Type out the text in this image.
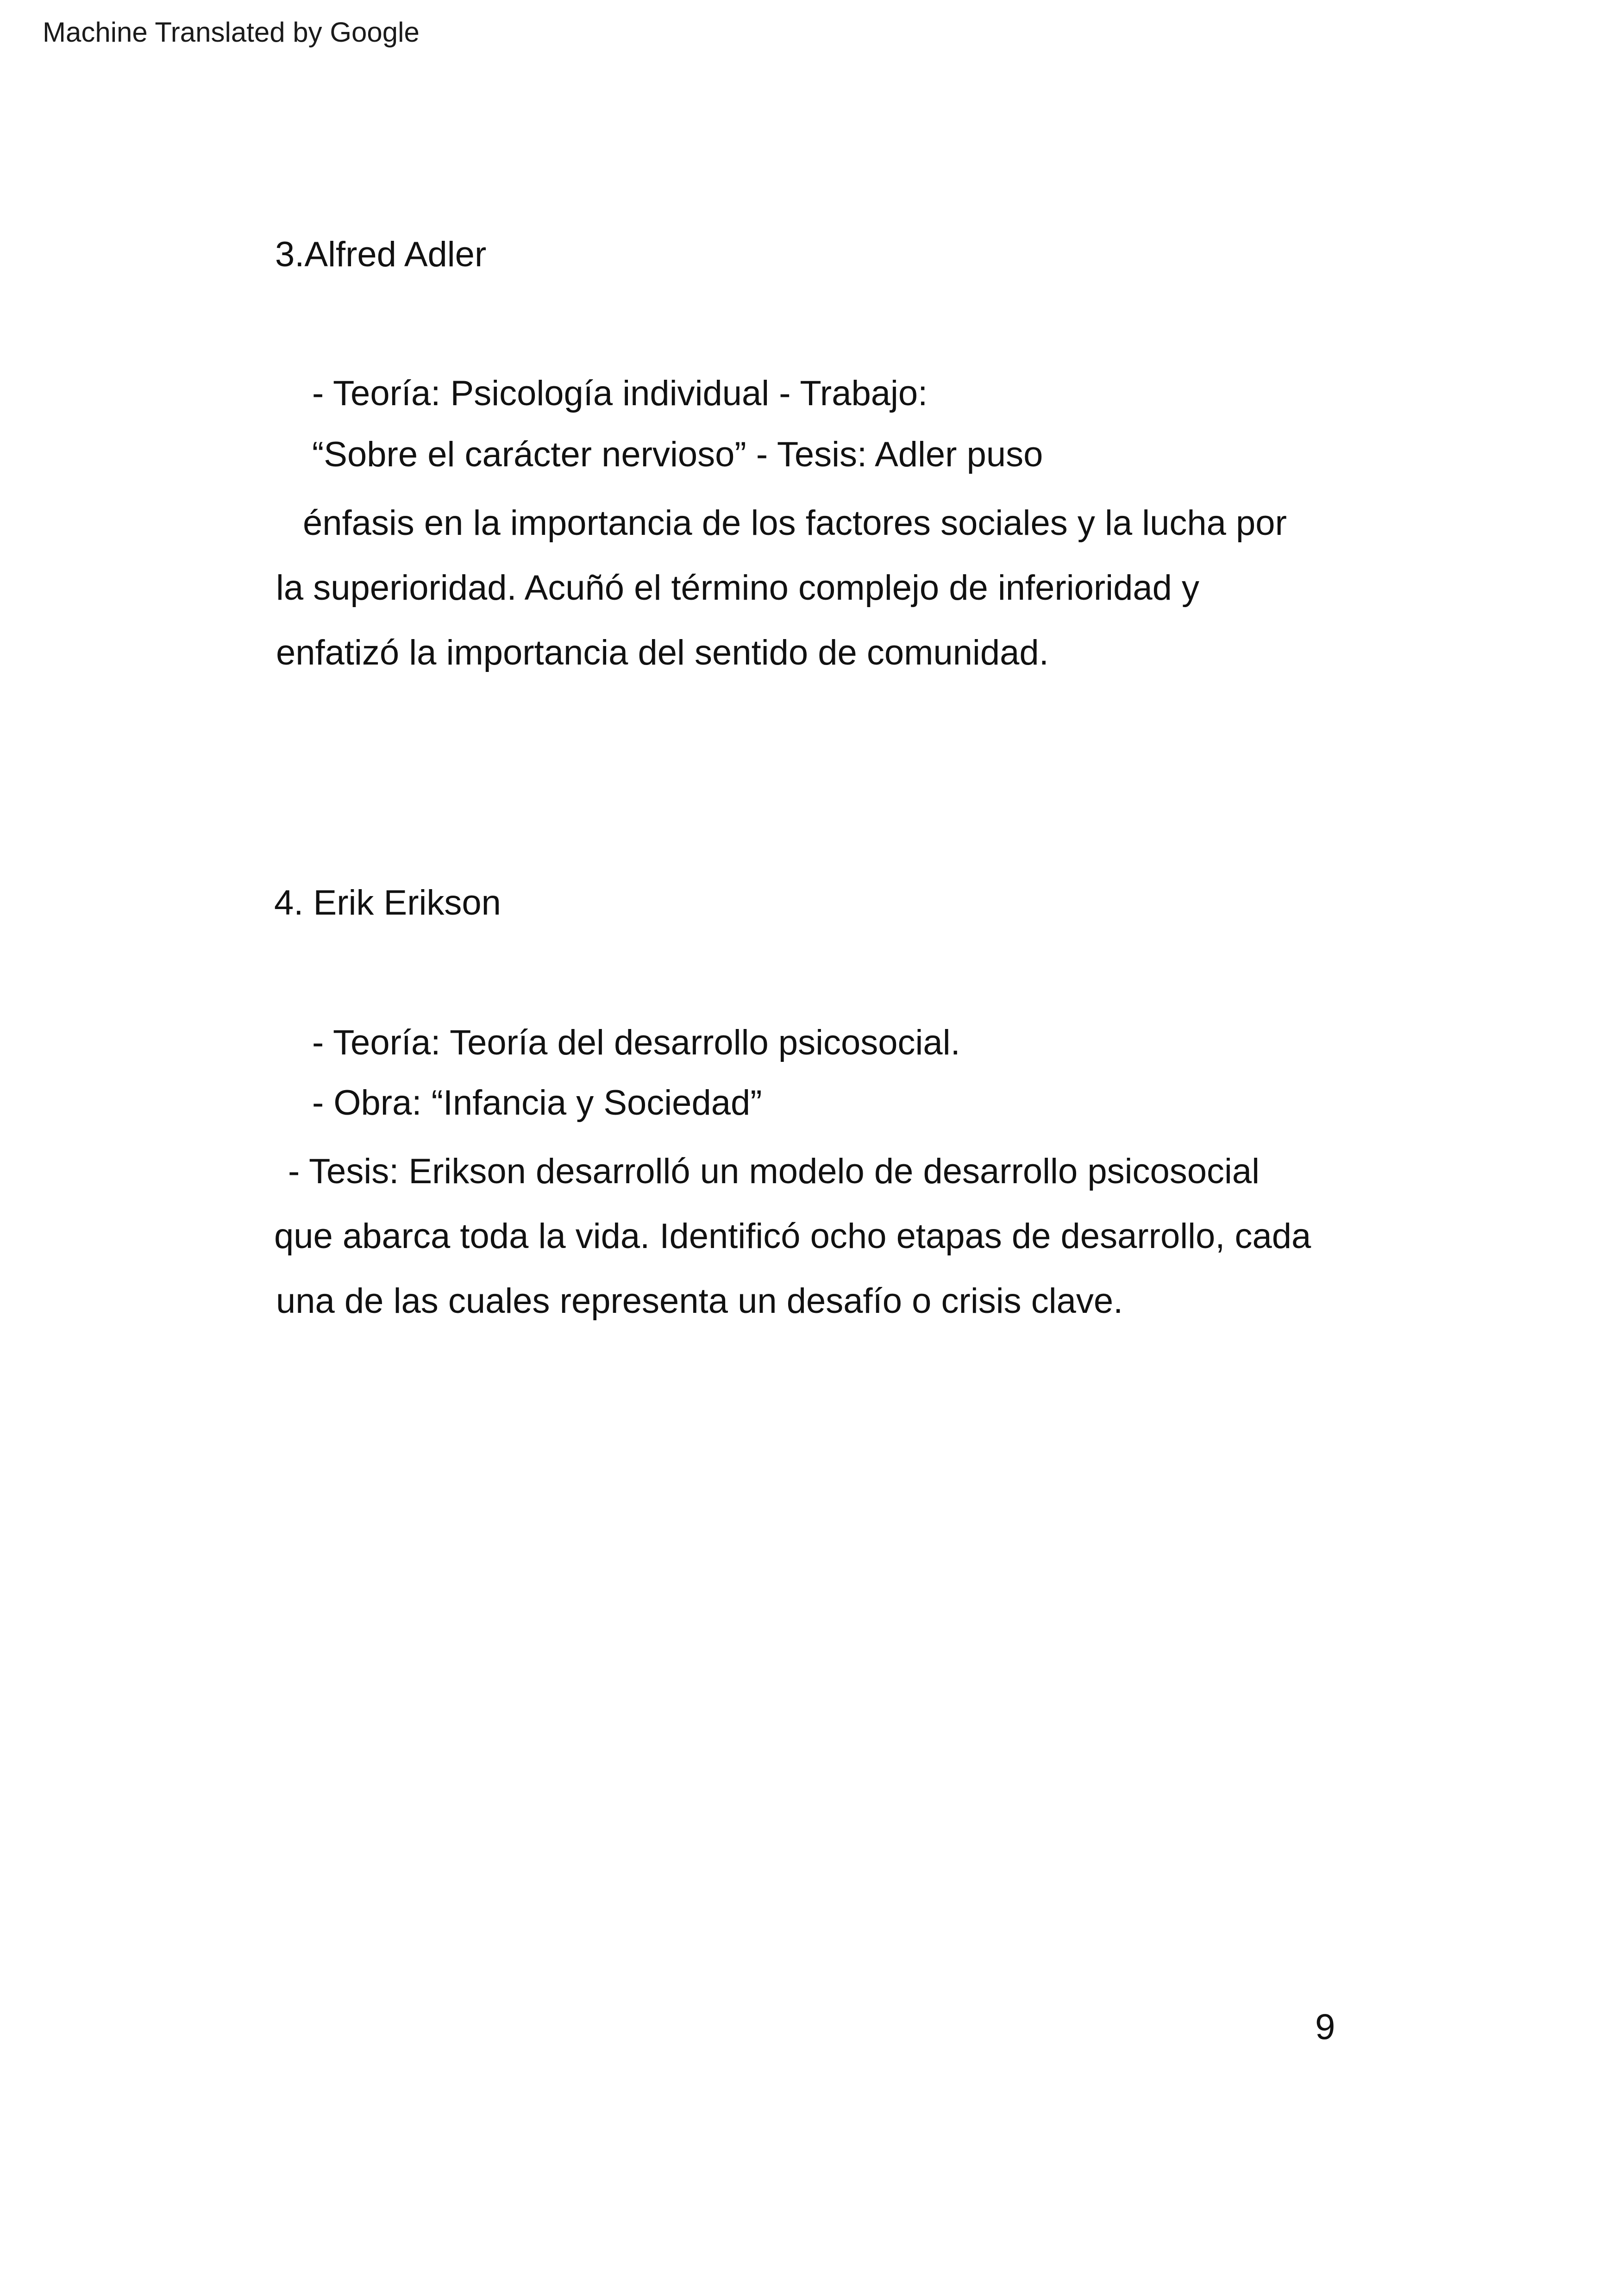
Machine Translated by Google
3.Alfred Adler
- Teoría: Psicología individual - Trabajo:
“Sobre el carácter nervioso” - Tesis: Adler puso
énfasis en la importancia de los factores sociales y la lucha por
la superioridad. Acuñó el término complejo de inferioridad y
enfatizó la importancia del sentido de comunidad.
4. Erik Erikson
- Teoría: Teoría del desarrollo psicosocial.
- Obra: “Infancia y Sociedad”
- Tesis: Erikson desarrolló un modelo de desarrollo psicosocial
que abarca toda la vida. Identificó ocho etapas de desarrollo, cada
una de las cuales representa un desafío o crisis clave.
9
